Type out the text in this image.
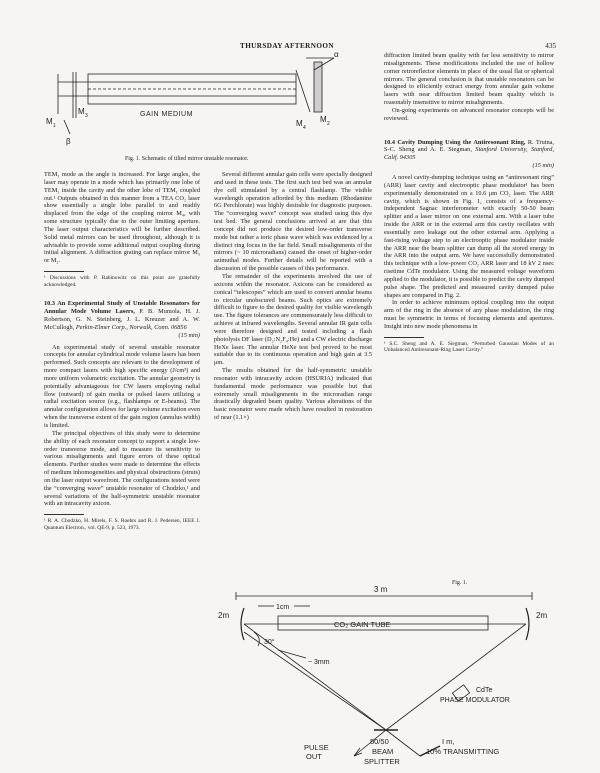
THURSDAY AFTERNOON	435
M 1
M 3	GAIN MEDIUM
M 4
M 2
α
β
Fig. 1. Schematic of tilted mirror unstable resonator.

TEM₁ mode as the angle is increased. For large angles, the laser may operate in a mode which has primarily one lobe of TEM₁ inside the cavity and the other lobe of TEM₁ coupled out.¹ Outputs obtained in this manner from a TEA CO₂ laser show essentially a single lobe parallel to and readily displaced from the edge of the coupling mirror M₄, with some structure typically due to the outer limiting aperture. The laser output characteristics will be further described. Solid metal mirrors can be used throughout, although it is advisable to provide some additional output coupling during initial alignment. A diffraction grating can replace mirror M₃ or M₂.

¹ Discussions with P. Rabinowitz on this point are gratefully acknowledged.

10.3 An Experimental Study of Unstable Resonators for Annular Mode Volume Lasers, P. B. Mumola, H. J. Robertson, G. N. Steinberg, J. L. Kreuzer and A. W. McCullogh, Perkin-Elmer Corp., Norwalk, Conn. 06856
(15 min)

An experimental study of several unstable resonator concepts for annular cylindrical mode volume lasers has been performed. Such concepts are relevant to the development of more compact lasers with high specific energy (J/cm³) and more uniform volumetric excitation. The annular geometry is potentially advantageous for CW lasers employing radial flow (outward) of gain media or pulsed lasers utilizing a radial excitation source (e.g., flashlamps or E-beams). The annular configuration allows for large volume excitation even when the transverse extent of the gain region (annulus width) is limited.

The principal objectives of this study were to determine the ability of each resonator concept to support a single low-order transverse mode, and to measure its sensitivity to various misalignments and figure errors of these optical elements. Further studies were made to determine the effects of medium inhomogeneities and physical obstructions (struts) on the laser output wavefront. The configurations tested were the “converging wave” unstable resonator of Chodzko,¹ and several variations of the half-symmetric unstable resonator with an intracavity axicon.

¹ R. A. Chodzko, H. Mirels, F. S. Roehrs and R. J. Pedersen, IEEE J. Quantum Electron., vol. QE-9, p. 523, 1973.

Several different annular gain cells were specially designed and used in these tests. The first such test bed was an annular dye cell stimulated by a central flashlamp. The visible wavelength operation afforded by this medium (Rhodamine 6G Perchlorate) was highly desirable for diagnostic purposes. The “converging wave” concept was studied using this dye test bed. The general conclusions arrived at are that this concept did not produce the desired low-order transverse mode but rather a toric phase wave which was evidenced by a distinct ring focus in the far field. Small misalignments of the mirrors (~ 10 microradians) caused the onset of higher-order azimuthal modes. Further details will be reported with a discussion of the possible causes of this performance.

The remainder of the experiments involved the use of axicons within the resonator. Axicons can be considered as conical “telescopes” which are used to convert annular beams to circular unobscured beams. Such optics are extremely difficult to figure to the desired quality for visible wavelength use. The figure tolerances are commensurately less difficult to achieve at infrared wavelengths. Several annular IR gain cells were therefore designed and tested including a flash photolysis DF laser (D₂:N₂F₄:He) and a CW electric discharge HeXe laser. The annular HeXe test bed proved to be most suitable due to its continuous operation and high gain at 3.5 μm.

The results obtained for the half-symmetric unstable resonator with intracavity axicon (HSURIA) indicated that fundamental mode performance was possible but that extremely small misalignments in the microradian range drastically degraded beam quality. Various alterations of the basic resonator were made which have resulted in restoration of near (1.1×)

diffraction limited beam quality with far less sensitivity to mirror misalignments. These modifications included the use of hollow corner retroreflector elements in place of the usual flat or spherical mirrors. The general conclusion is that unstable resonators can be designed to efficiently extract energy from annular gain volume lasers with near diffraction limited beam quality which is reasonably insensitive to mirror misalignments.

On-going experiments on advanced resonator concepts will be reviewed.

10.4 Cavity Dumping Using the Antiresonant Ring, R. Trutna, S-C. Sheng and A. E. Siegman, Stanford University, Stanford, Calif. 94305
(15 min)

A novel cavity-dumping technique using an “antiresonant ring” (ARR) laser cavity and electrooptic phase modulator¹ has been experimentally demonstrated on a 10.6 μm CO₂ laser. The ARR cavity, which is shown in Fig. 1, consists of a frequency-independent Sagnac interferometer with exactly 50-50 beam splitter and a laser mirror on one external arm. With a laser tube inside the ARR or in the external arm this cavity oscillates with essentially zero leakage out the other external arm. Applying a fast-rising voltage step to an electrooptic phase modulator inside the ARR near the beam splitter can dump all the stored energy in the ARR into the output arm. We have successfully demonstrated this technique with a low-power CO₂ ARR laser and 18 kV 2 nsec risetime CdTe modulator. Using the measured voltage waveform applied to the modulator, it is possible to predict the cavity dumped pulse shape. The predicted and measured cavity dumped pulse shapes are compared in Fig. 2.

In order to achieve minimum optical coupling into the output arm of the ring in the absence of any phase modulation, the ring must be symmetric in terms of focusing elements and apertures. Insight into new mode phenomena in

¹ S.C. Sheng and A. E. Siegman, “Perturbed Gaussian Modes of an Unbalanced Antiresonant-Ring Laser Cavity.”

Fig. 1.
3 m
1cm
2m	2m
CO₂ GAIN TUBE
30°
~ 3mm
CdTe
PHASE MODULATOR
PULSE
OUT
50/50
BEAM
SPLITTER
I m,
10% TRANSMITTING
